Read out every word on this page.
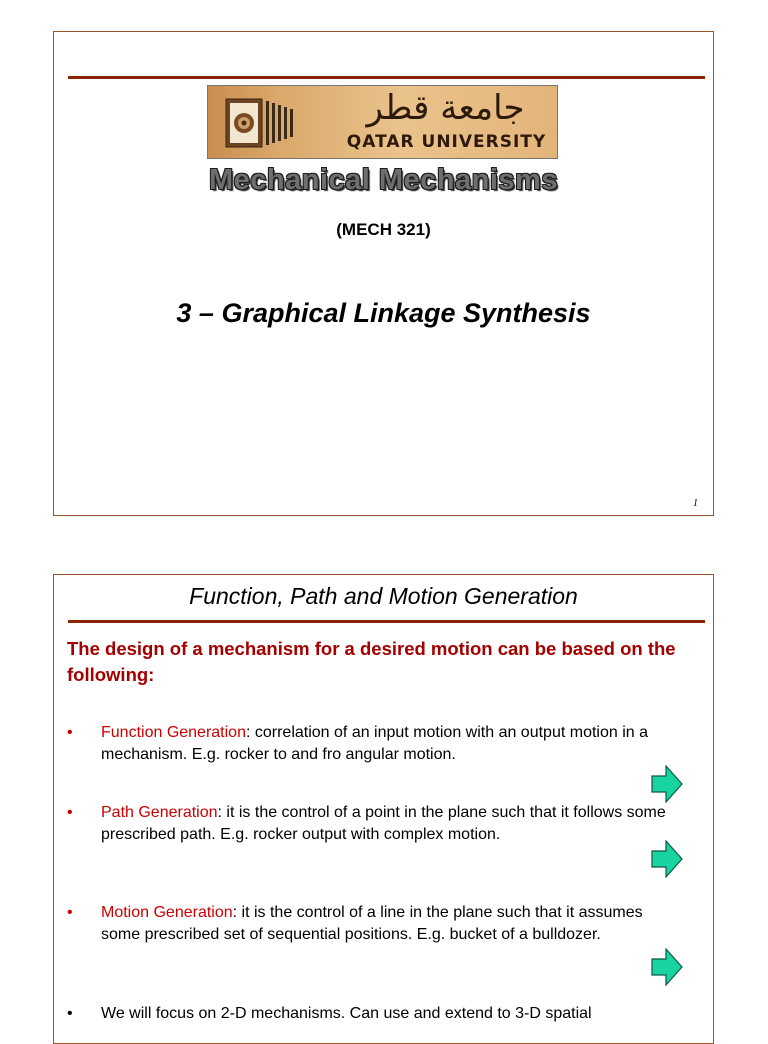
جامعة قطر
QATAR UNIVERSITY
Mechanical Mechanisms
(MECH 321)
3 – Graphical Linkage Synthesis
1
Function, Path and Motion Generation
The design of a mechanism for a desired motion can be based on the following:
•	Function Generation: correlation of an input motion with an output motion in a mechanism. E.g. rocker to and fro angular motion.
•	Path Generation: it is the control of a point in the plane such that it follows some prescribed path. E.g. rocker output with complex motion.
•	Motion Generation: it is the control of a line in the plane such that it assumes some prescribed set of sequential positions. E.g. bucket of a bulldozer.
•	We will focus on 2-D mechanisms. Can use and extend to 3-D spatial
